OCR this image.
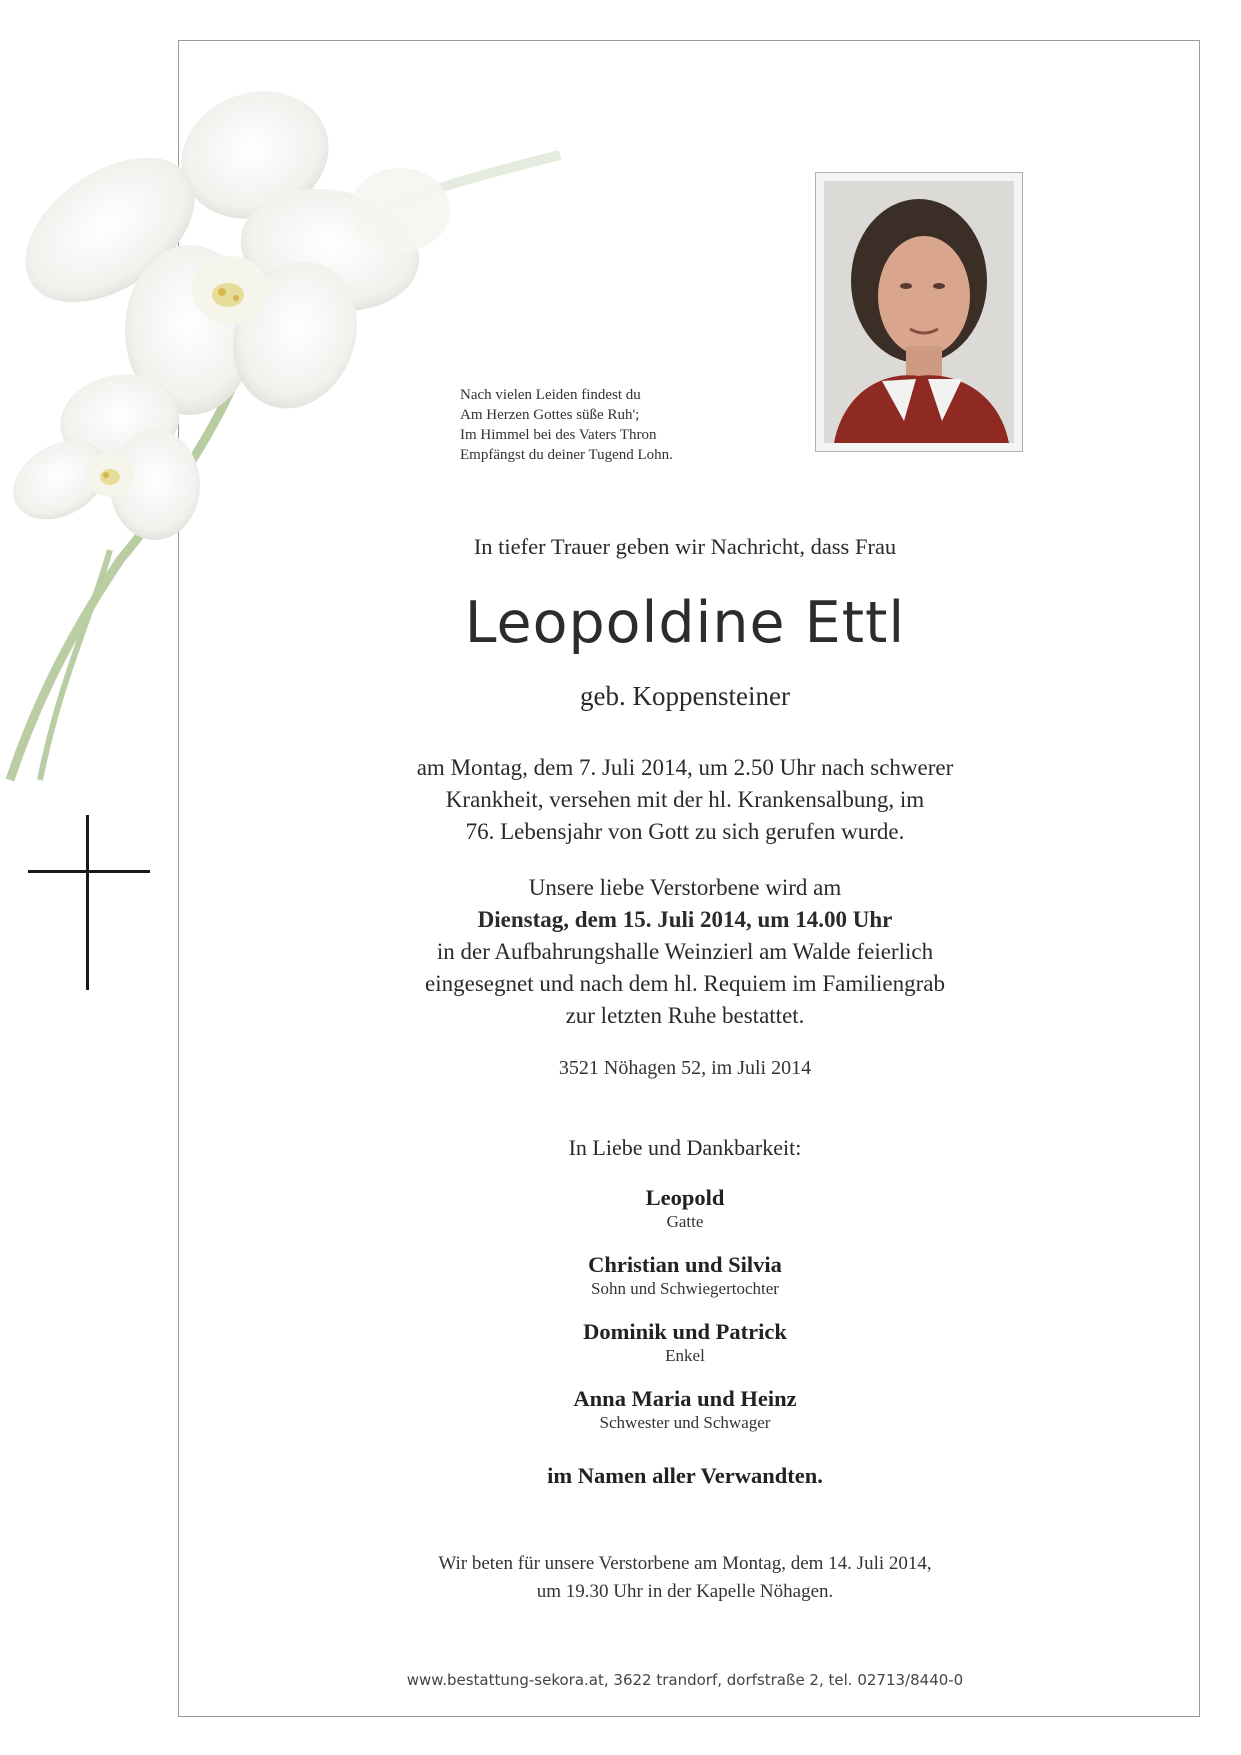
Nach vielen Leiden findest du
Am Herzen Gottes süße Ruh';
Im Himmel bei des Vaters Thron
Empfängst du deiner Tugend Lohn.
In tiefer Trauer geben wir Nachricht, dass Frau
Leopoldine Ettl
geb. Koppensteiner
am Montag, dem 7. Juli 2014, um 2.50 Uhr nach schwerer
Krankheit, versehen mit der hl. Krankensalbung, im
76. Lebensjahr von Gott zu sich gerufen wurde.
Unsere liebe Verstorbene wird am
Dienstag, dem 15. Juli 2014, um 14.00 Uhr
in der Aufbahrungshalle Weinzierl am Walde feierlich
eingesegnet und nach dem hl. Requiem im Familiengrab
zur letzten Ruhe bestattet.
3521 Nöhagen 52, im Juli 2014
In Liebe und Dankbarkeit:
Leopold
Gatte
Christian und Silvia
Sohn und Schwiegertochter
Dominik und Patrick
Enkel
Anna Maria und Heinz
Schwester und Schwager
im Namen aller Verwandten.
Wir beten für unsere Verstorbene am Montag, dem 14. Juli 2014,
um 19.30 Uhr in der Kapelle Nöhagen.
www.bestattung-sekora.at, 3622 trandorf, dorfstraße 2, tel. 02713/8440-0
